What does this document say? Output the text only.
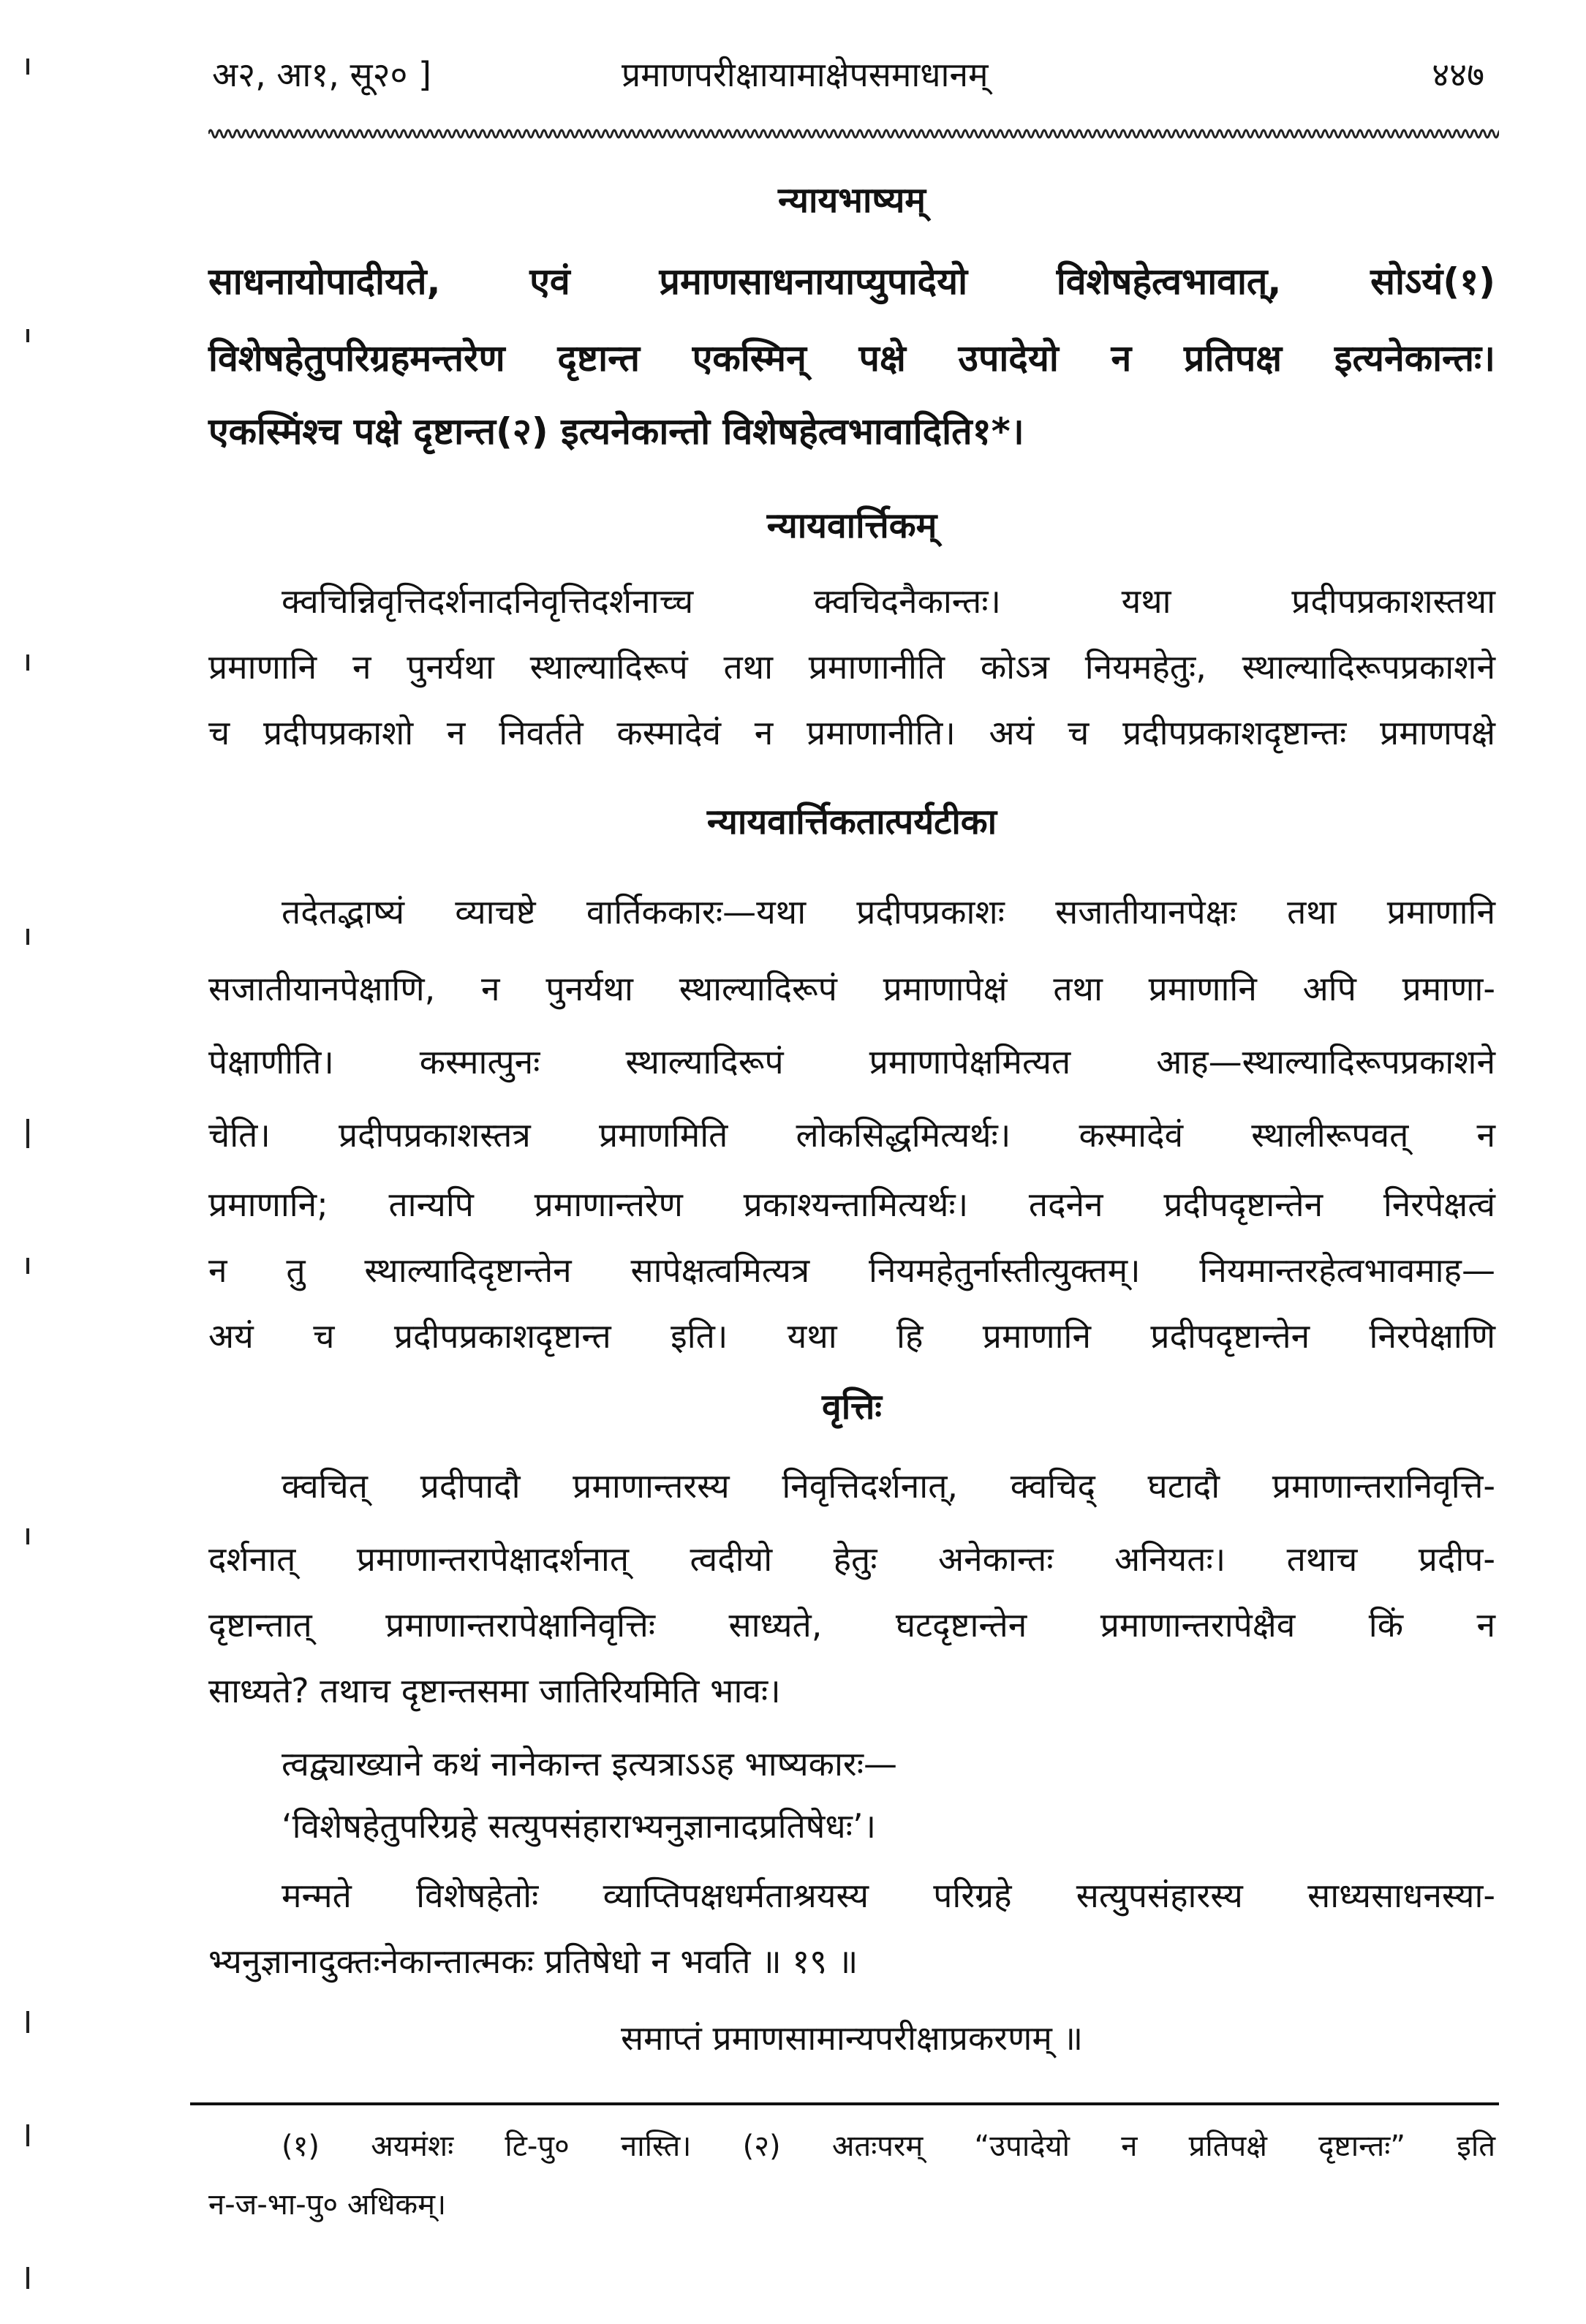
अ२, आ१, सू२० ]	प्रमाणपरीक्षायामाक्षेपसमाधानम्	४४७
न्यायभाष्यम्
साधनायोपादीयते, एवं प्रमाणसाधनायाप्युपादेयो विशेषहेत्वभावात्, सोऽयं(१)
विशेषहेतुपरिग्रहमन्तरेण दृष्टान्त एकस्मिन् पक्षे उपादेयो न प्रतिपक्ष इत्यनेकान्तः।
एकस्मिंश्च पक्षे दृष्टान्त(२) इत्यनेकान्तो विशेषहेत्वभावादिति१*।
न्यायवार्त्तिकम्
क्वचिन्निवृत्तिदर्शनादनिवृत्तिदर्शनाच्च क्वचिदनैकान्तः। यथा प्रदीपप्रकाशस्तथा
प्रमाणानि न पुनर्यथा स्थाल्यादिरूपं तथा प्रमाणानीति कोऽत्र नियमहेतुः, स्थाल्यादिरूपप्रकाशने
च प्रदीपप्रकाशो न निवर्तते कस्मादेवं न प्रमाणानीति। अयं च प्रदीपप्रकाशदृष्टान्तः प्रमाणपक्षे
न्यायवार्त्तिकतात्पर्यटीका
तदेतद्भाष्यं व्याचष्टे वार्तिककारः—यथा प्रदीपप्रकाशः सजातीयानपेक्षः तथा प्रमाणानि
सजातीयानपेक्षाणि, न पुनर्यथा स्थाल्यादिरूपं प्रमाणापेक्षं तथा प्रमाणानि अपि प्रमाणा-
पेक्षाणीति। कस्मात्पुनः स्थाल्यादिरूपं प्रमाणापेक्षमित्यत आह—स्थाल्यादिरूपप्रकाशने
चेति। प्रदीपप्रकाशस्तत्र प्रमाणमिति लोकसिद्धमित्यर्थः। कस्मादेवं स्थालीरूपवत् न
प्रमाणानि; तान्यपि प्रमाणान्तरेण प्रकाश्यन्तामित्यर्थः। तदनेन प्रदीपदृष्टान्तेन निरपेक्षत्वं
न तु स्थाल्यादिदृष्टान्तेन सापेक्षत्वमित्यत्र नियमहेतुर्नास्तीत्युक्तम्। नियमान्तरहेत्वभावमाह—
अयं च प्रदीपप्रकाशदृष्टान्त इति। यथा हि प्रमाणानि प्रदीपदृष्टान्तेन निरपेक्षाणि
वृत्तिः
क्वचित् प्रदीपादौ प्रमाणान्तरस्य निवृत्तिदर्शनात्, क्वचिद् घटादौ प्रमाणान्तरानिवृत्ति-
दर्शनात् प्रमाणान्तरापेक्षादर्शनात् त्वदीयो हेतुः अनेकान्तः अनियतः। तथाच प्रदीप-
दृष्टान्तात् प्रमाणान्तरापेक्षानिवृत्तिः साध्यते, घटदृष्टान्तेन प्रमाणान्तरापेक्षैव किं न
साध्यते? तथाच दृष्टान्तसमा जातिरियमिति भावः।
त्वद्व्याख्याने कथं नानेकान्त इत्यत्राऽऽह भाष्यकारः—
‘विशेषहेतुपरिग्रहे सत्युपसंहाराभ्यनुज्ञानादप्रतिषेधः’।
मन्मते विशेषहेतोः व्याप्तिपक्षधर्मताश्रयस्य परिग्रहे सत्युपसंहारस्य साध्यसाधनस्या-
भ्यनुज्ञानादुक्तःनेकान्तात्मकः प्रतिषेधो न भवति ॥ १९ ॥
समाप्तं प्रमाणसामान्यपरीक्षाप्रकरणम् ॥
(१) अयमंशः टि-पु० नास्ति। (२) अतःपरम् “उपादेयो न प्रतिपक्षे दृष्टान्तः” इति
न-ज-भा-पु० अधिकम्।
